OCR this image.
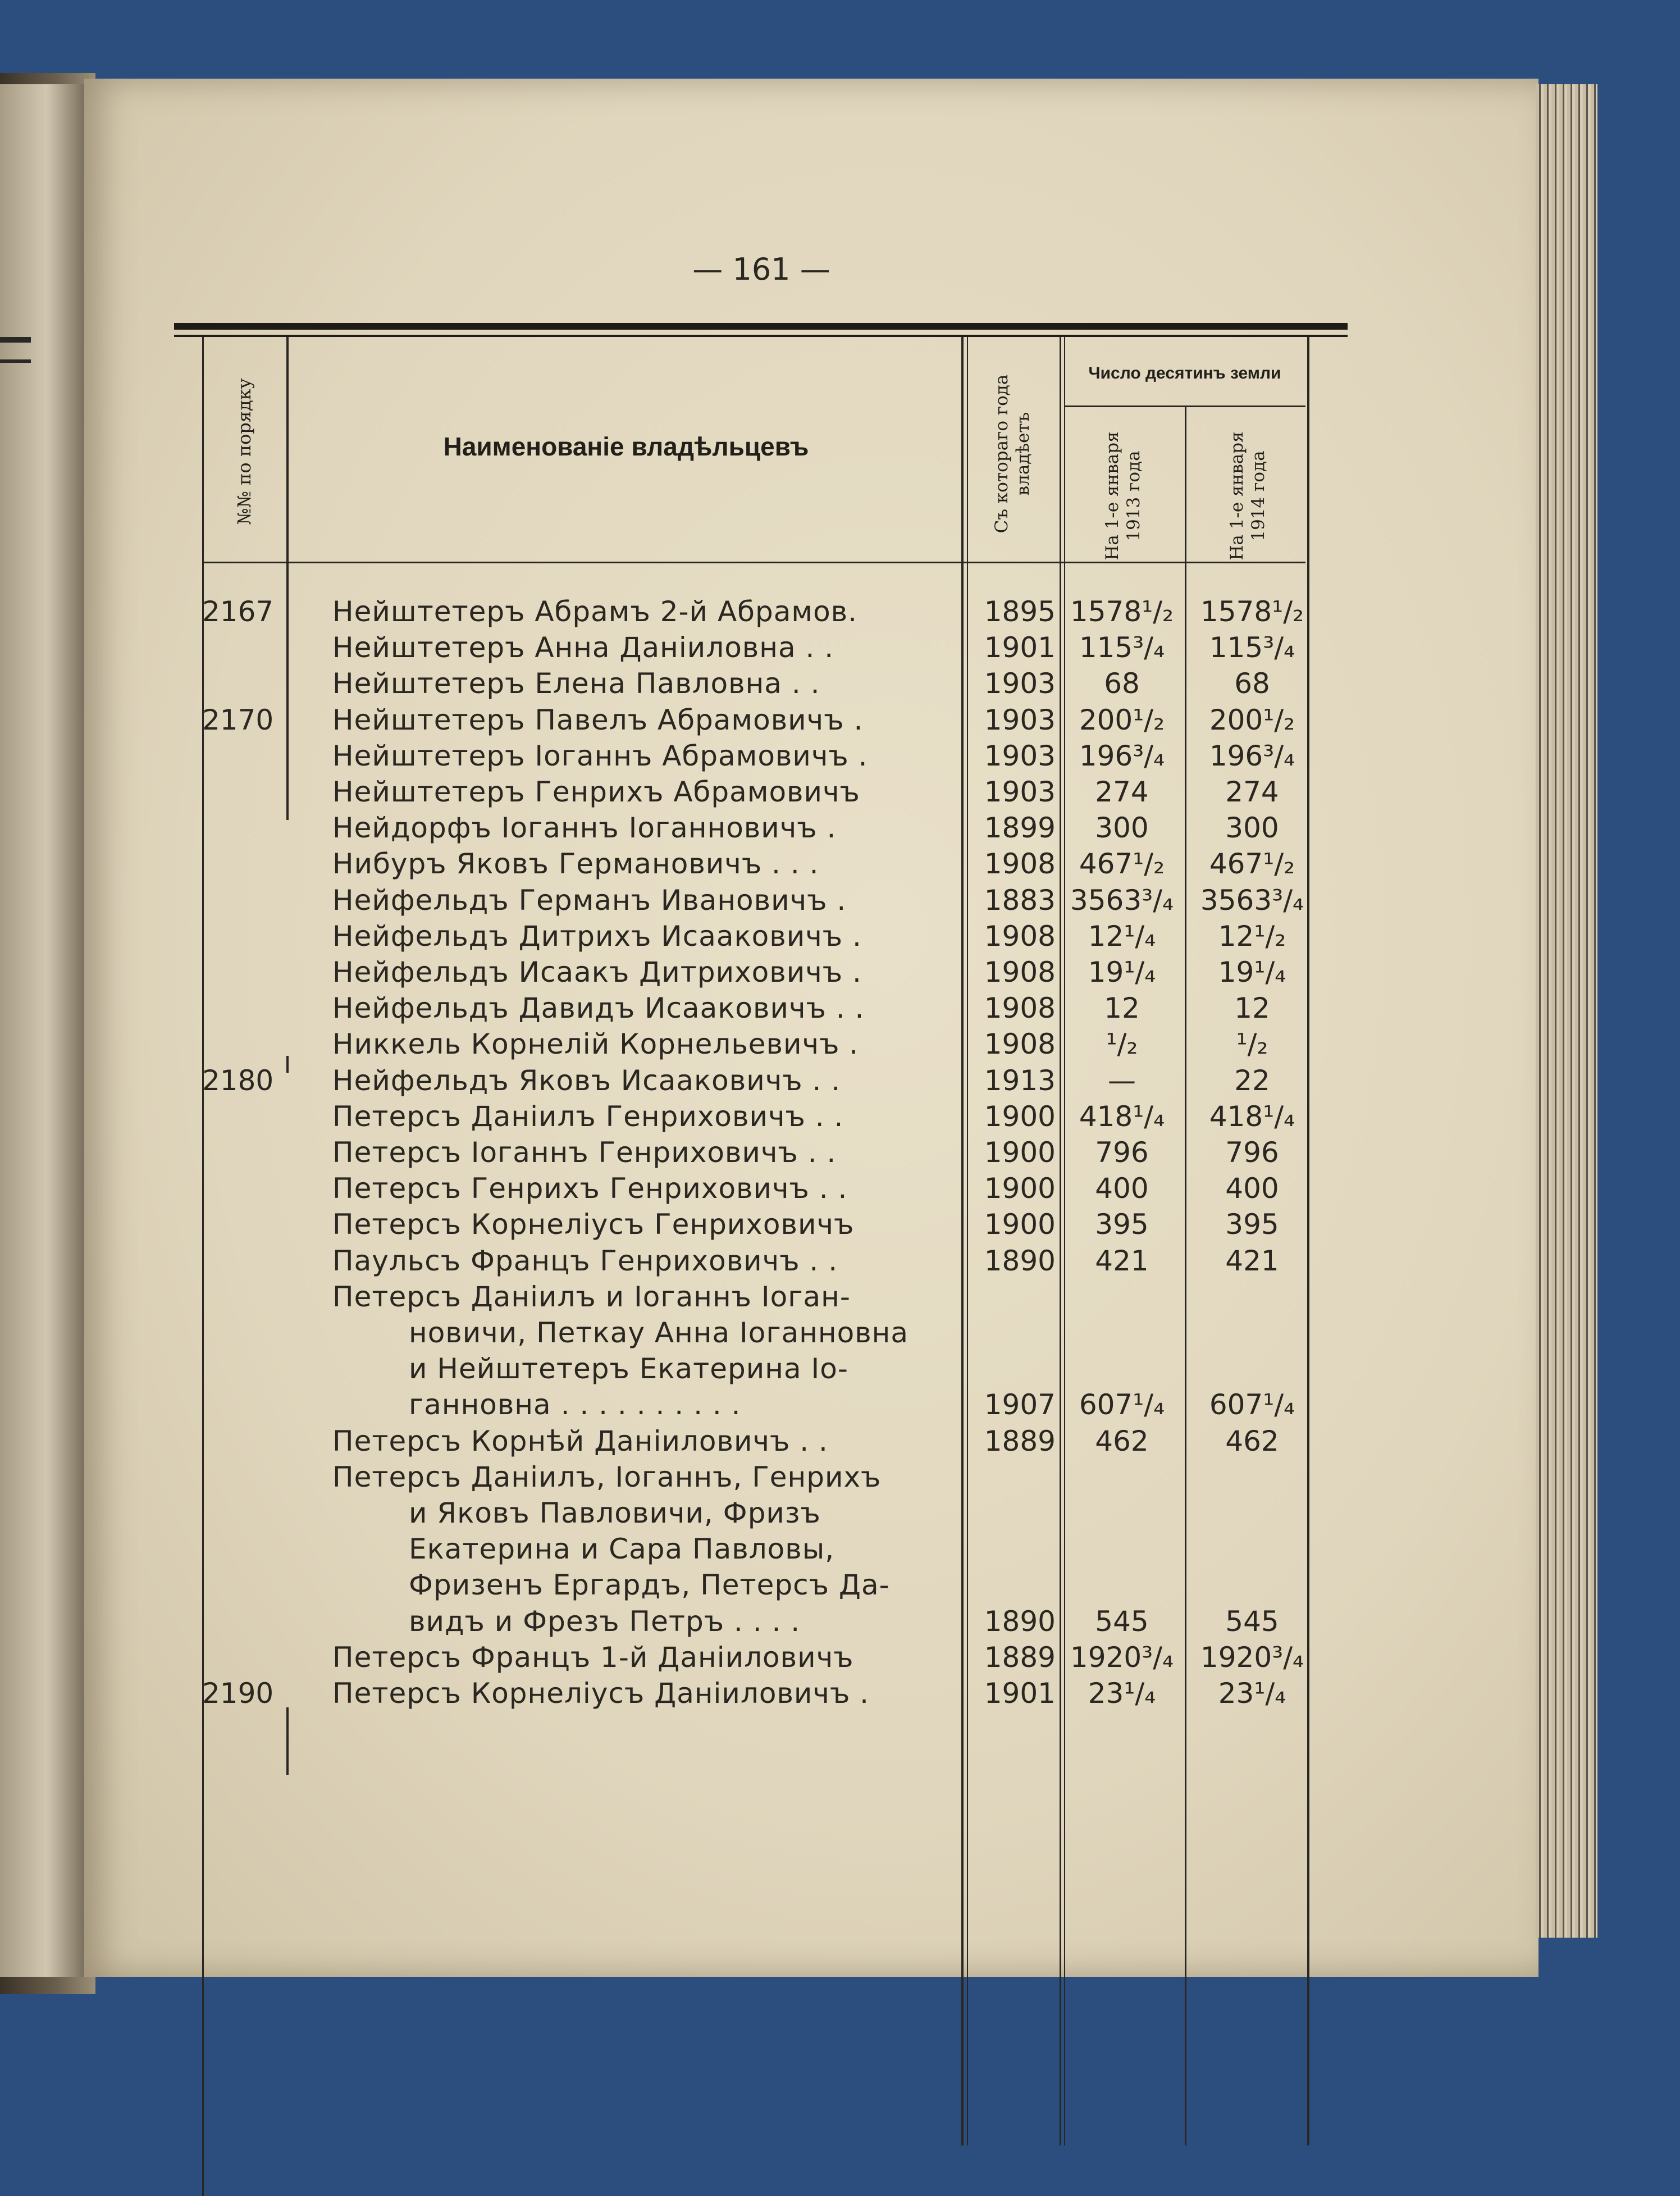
— 161 —
№№ по порядку	Наименованіе владѣльцевъ	Съ котораго года владѣетъ
Число десятинъ земли
На 1-е января 1913 года	На 1-е января 1914 года
2167	Нейштетеръ Абрамъ 2-й Абрамов.	1895 1578¹/₂ 1578¹/₂
Нейштетеръ Анна Даніиловна . .	1901 115³/₄	115³/₄
Нейштетеръ Елена Павловна . .	1903	68	68
2170	Нейштетеръ Павелъ Абрамовичъ .	1903 200¹/₂	200¹/₂
Нейштетеръ Іоганнъ Абрамовичъ .	1903 196³/₄	196³/₄
Нейштетеръ Генрихъ Абрамовичъ	1903	274	274
Нейдорфъ Іоганнъ Іоганновичъ .	1899	300	300
Нибуръ Яковъ Германовичъ . . .	1908 467¹/₂	467¹/₂
Нейфельдъ Германъ Ивановичъ .	1883 3563³/₄ 3563³/₄
Нейфельдъ Дитрихъ Исааковичъ .	1908	12¹/₄	12¹/₂
Нейфельдъ Исаакъ Дитриховичъ .	1908	19¹/₄	19¹/₄
Нейфельдъ Давидъ Исааковичъ . .	1908	12	12
Никкель Корнелій Корнельевичъ .	1908	¹/₂	¹/₂
2180	Нейфельдъ Яковъ Исааковичъ . .	1913	—	22
Петерсъ Даніилъ Генриховичъ . .	1900 418¹/₄	418¹/₄
Петерсъ Іоганнъ Генриховичъ . .	1900	796	796
Петерсъ Генрихъ Генриховичъ . .	1900	400	400
Петерсъ Корнеліусъ Генриховичъ	1900	395	395
Паульсъ Францъ Генриховичъ . .	1890	421	421
Петерсъ Даніилъ и Іоганнъ Іоган-
новичи, Петкау Анна Іоганновна
и Нейштетеръ Екатерина Іо-
ганновна . . . . . . . . . .	1907 607¹/₄	607¹/₄
Петерсъ Корнѣй Даніиловичъ . .	1889	462	462
Петерсъ Даніилъ, Іоганнъ, Генрихъ
и Яковъ Павловичи, Фризъ
Екатерина и Сара Павловы,
Фризенъ Ергардъ, Петерсъ Да-
видъ и Фрезъ Петръ . . . .	1890	545	545
Петерсъ Францъ 1-й Даніиловичъ	1889 1920³/₄ 1920³/₄
2190	Петерсъ Корнеліусъ Даніиловичъ .	1901	23¹/₄	23¹/₄
